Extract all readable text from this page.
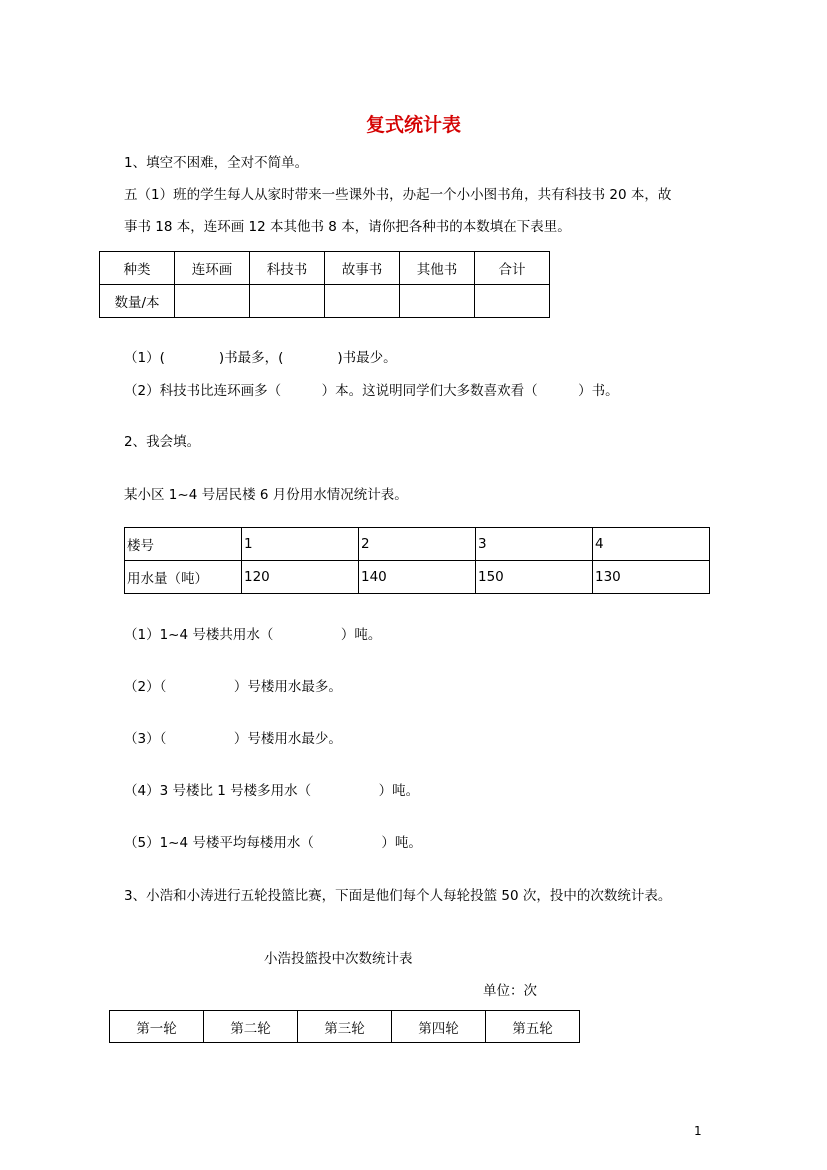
复式统计表
1、填空不困难，全对不简单。
五（1）班的学生每人从家时带来一些课外书，办起一个小小图书角，共有科技书 20 本，故
事书 18 本，连环画 12 本其他书 8 本，请你把各种书的本数填在下表里。
种类	连环画	科技书	故事书	其他书	合计
数量/本					
（1）(　　　　)书最多，(　　　　)书最少。
（2）科技书比连环画多（　　　）本。这说明同学们大多数喜欢看（　　　）书。
2、我会填。
某小区 1~4 号居民楼 6 月份用水情况统计表。
楼号	1	2	3	4
用水量（吨）	120	140	150	130
（1）1~4 号楼共用水（　　　　　）吨。
（2）（　　　　　）号楼用水最多。
（3）（　　　　　）号楼用水最少。
（4）3 号楼比 1 号楼多用水（　　　　　）吨。
（5）1~4 号楼平均每楼用水（　　　　　）吨。
3、小浩和小涛进行五轮投篮比赛，下面是他们每个人每轮投篮 50 次，投中的次数统计表。
小浩投篮投中次数统计表
单位：次
第一轮	第二轮	第三轮	第四轮	第五轮
1
